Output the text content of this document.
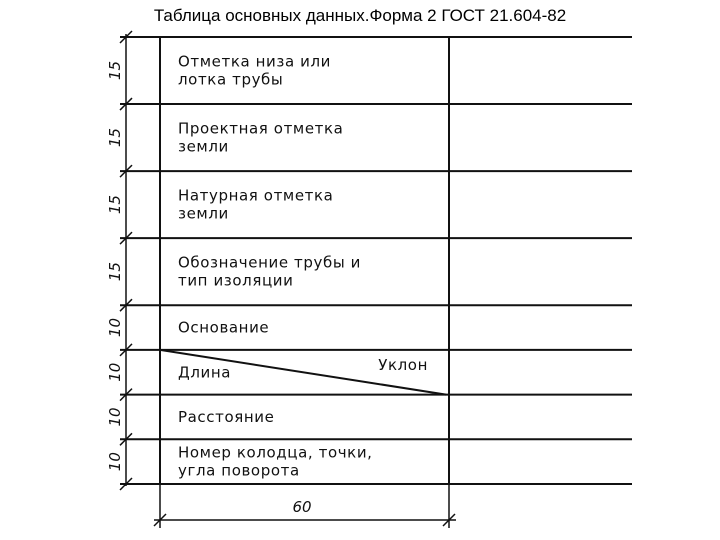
Таблица основных данных.Форма 2 ГОСТ 21.604-82
60
Отметка низа или
лотка трубы
15
Проектная отметка
земли
15
Натурная отметка
земли
15
Обозначение трубы и
тип изоляции
15
Основание
10
Длина	Уклон
10
Расстояние
10
Номер колодца, точки,
угла поворота
10
